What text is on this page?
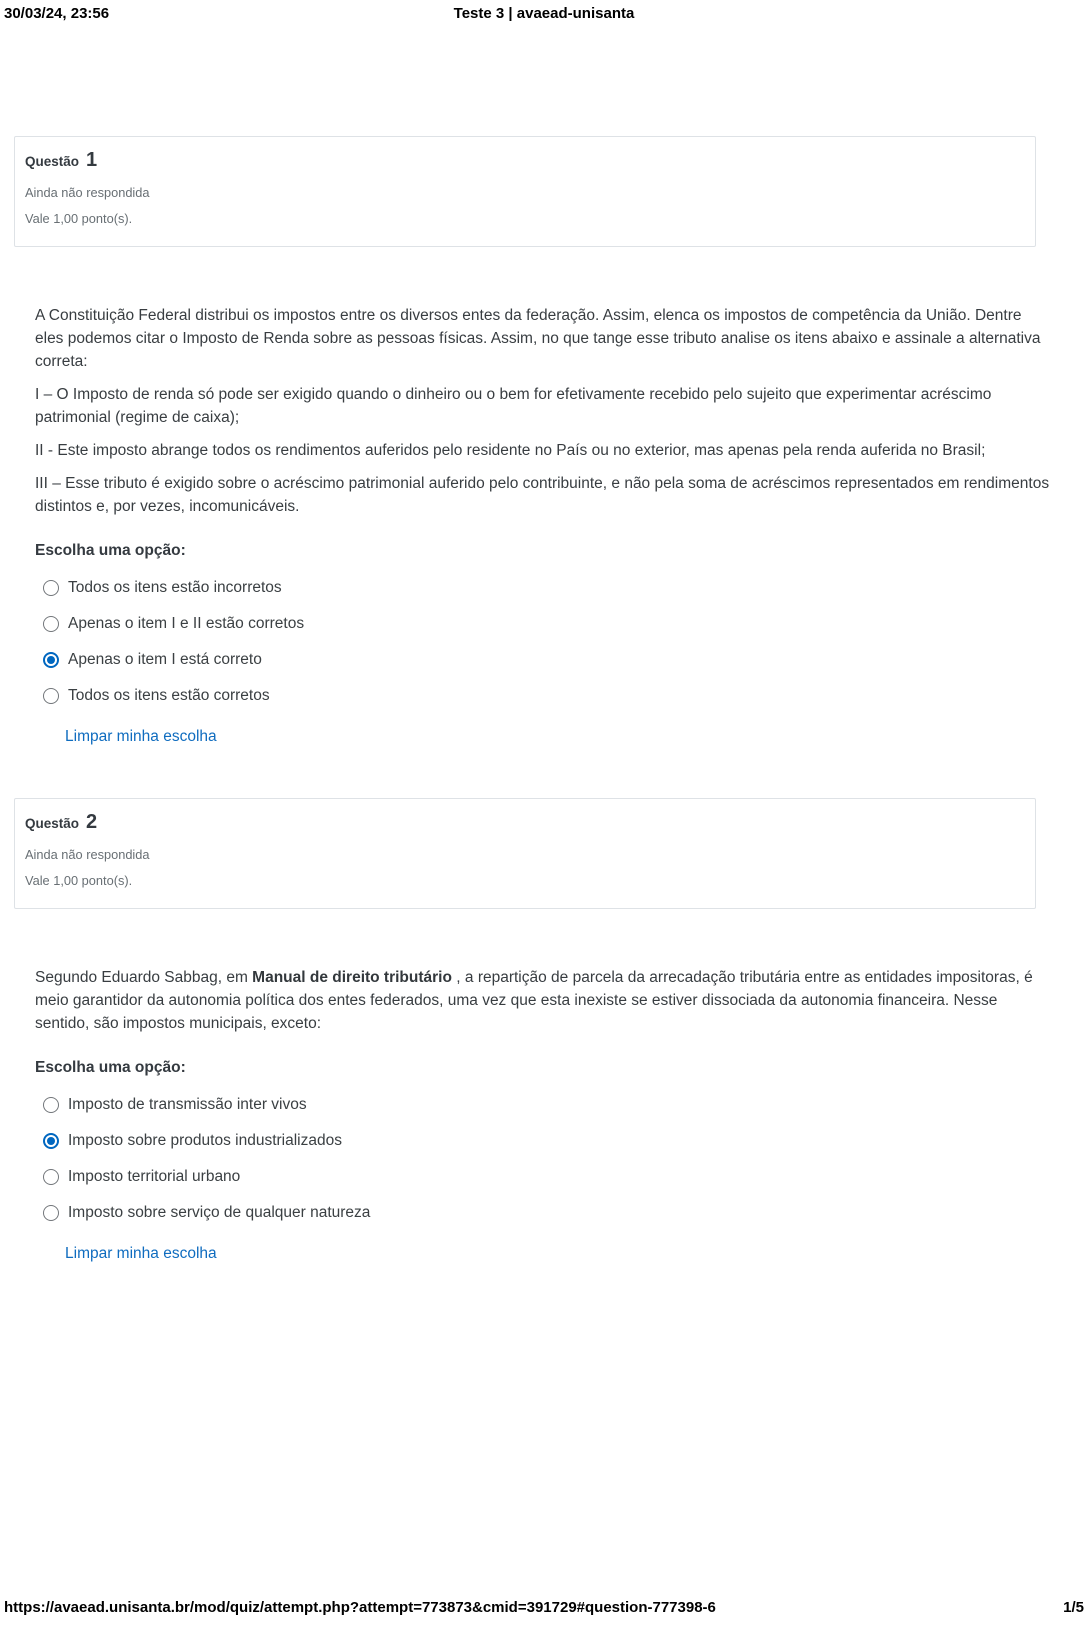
30/03/24, 23:56	Teste 3 | avaead-unisanta
Questão 1
Ainda não respondida
Vale 1,00 ponto(s).

A Constituição Federal distribui os impostos entre os diversos entes da federação. Assim, elenca os impostos de competência da União. Dentre eles podemos citar o Imposto de Renda sobre as pessoas físicas. Assim, no que tange esse tributo analise os itens abaixo e assinale a alternativa correta:

I – O Imposto de renda só pode ser exigido quando o dinheiro ou o bem for efetivamente recebido pelo sujeito que experimentar acréscimo patrimonial (regime de caixa);

II - Este imposto abrange todos os rendimentos auferidos pelo residente no País ou no exterior, mas apenas pela renda auferida no Brasil;

III – Esse tributo é exigido sobre o acréscimo patrimonial auferido pelo contribuinte, e não pela soma de acréscimos representados em rendimentos distintos e, por vezes, incomunicáveis.

Escolha uma opção:
Todos os itens estão incorretos
Apenas o item I e II estão corretos
Apenas o item I está correto
Todos os itens estão corretos
Limpar minha escolha
Questão 2
Ainda não respondida
Vale 1,00 ponto(s).

Segundo Eduardo Sabbag, em Manual de direito tributário , a repartição de parcela da arrecadação tributária entre as entidades impositoras, é meio garantidor da autonomia política dos entes federados, uma vez que esta inexiste se estiver dissociada da autonomia financeira. Nesse sentido, são impostos municipais, exceto:

Escolha uma opção:
Imposto de transmissão inter vivos
Imposto sobre produtos industrializados
Imposto territorial urbano
Imposto sobre serviço de qualquer natureza
Limpar minha escolha
https://avaead.unisanta.br/mod/quiz/attempt.php?attempt=773873&cmid=391729#question-777398-6	1/5
